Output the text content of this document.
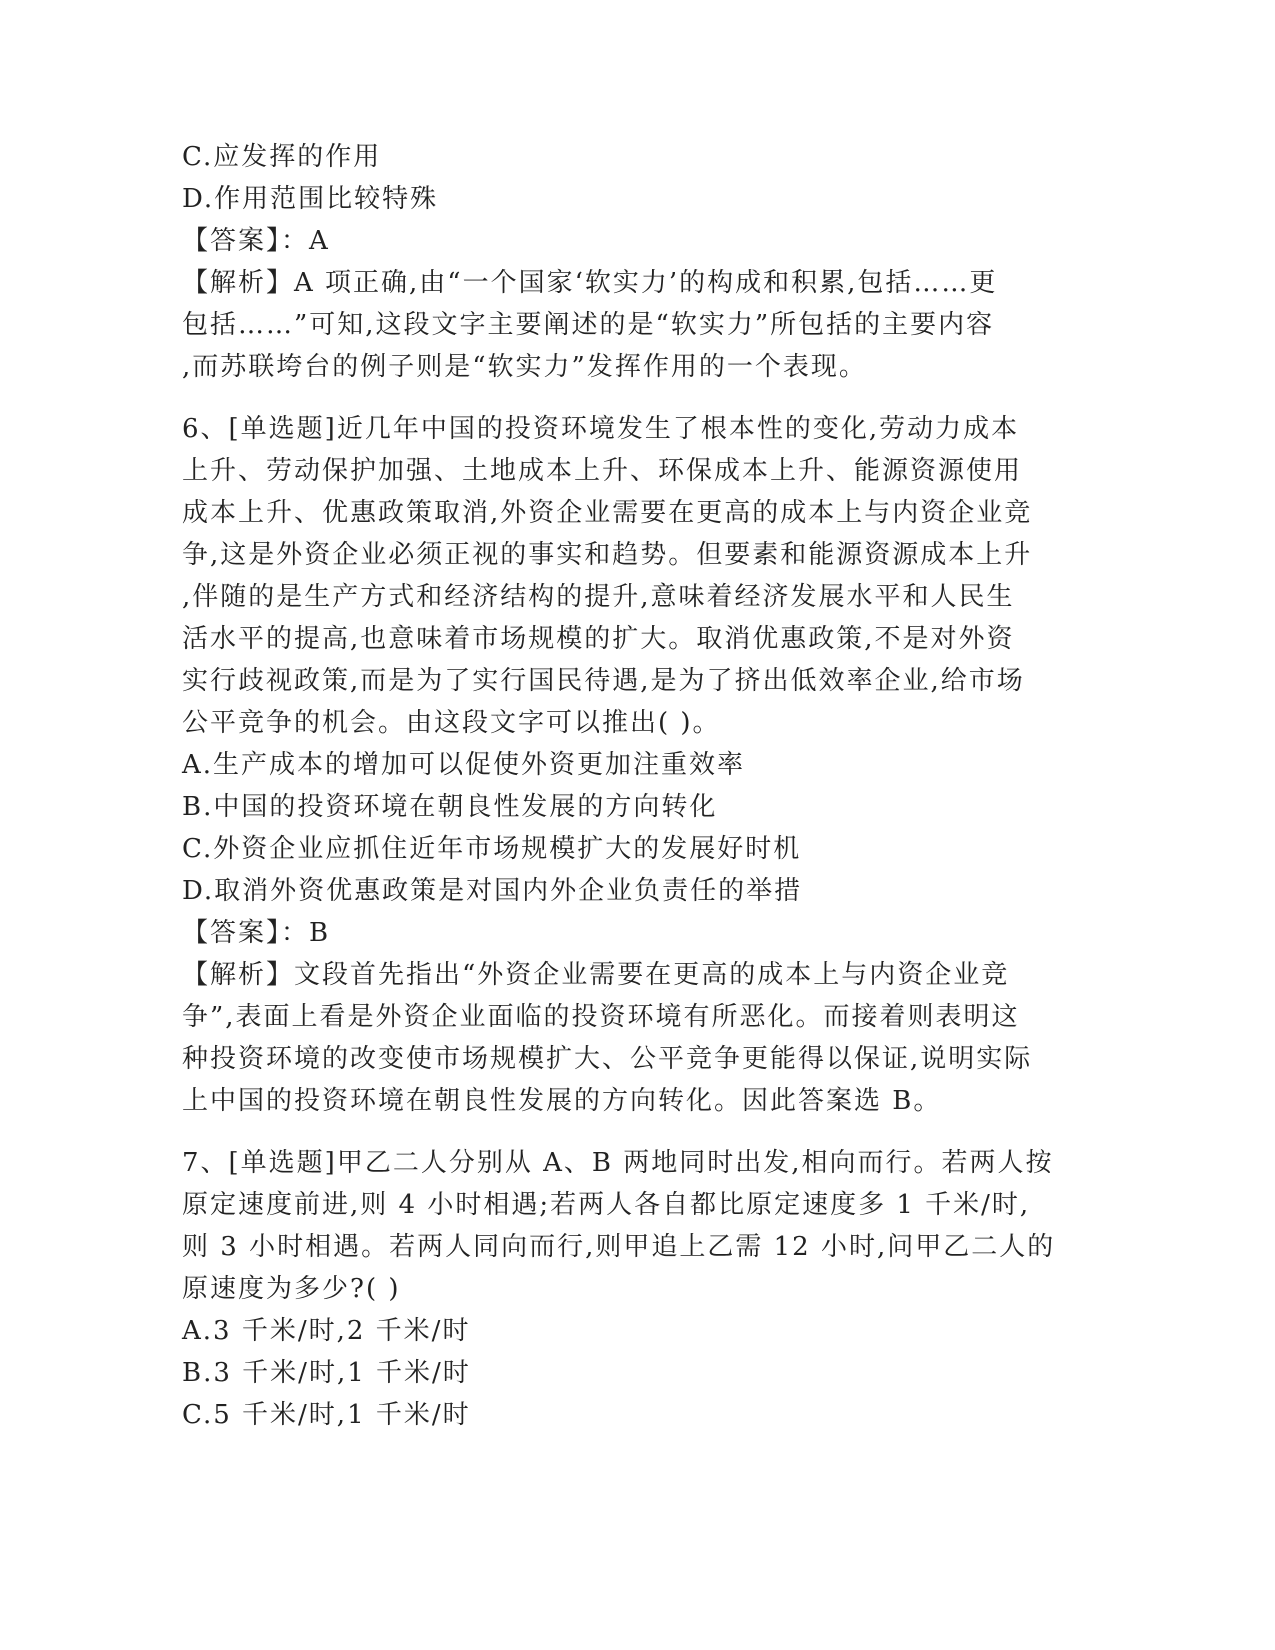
C.应发挥的作用
D.作用范围比较特殊
【答案】：A
【解析】A 项正确,由“一个国家‘软实力’的构成和积累,包括……更
包括……”可知,这段文字主要阐述的是“软实力”所包括的主要内容
,而苏联垮台的例子则是“软实力”发挥作用的一个表现。
6、[单选题]近几年中国的投资环境发生了根本性的变化,劳动力成本
上升、劳动保护加强、土地成本上升、环保成本上升、能源资源使用
成本上升、优惠政策取消,外资企业需要在更高的成本上与内资企业竞
争,这是外资企业必须正视的事实和趋势。但要素和能源资源成本上升
,伴随的是生产方式和经济结构的提升,意味着经济发展水平和人民生
活水平的提高,也意味着市场规模的扩大。取消优惠政策,不是对外资
实行歧视政策,而是为了实行国民待遇,是为了挤出低效率企业,给市场
公平竞争的机会。由这段文字可以推出( )。
A.生产成本的增加可以促使外资更加注重效率
B.中国的投资环境在朝良性发展的方向转化
C.外资企业应抓住近年市场规模扩大的发展好时机
D.取消外资优惠政策是对国内外企业负责任的举措
【答案】：B
【解析】文段首先指出“外资企业需要在更高的成本上与内资企业竞
争”,表面上看是外资企业面临的投资环境有所恶化。而接着则表明这
种投资环境的改变使市场规模扩大、公平竞争更能得以保证,说明实际
上中国的投资环境在朝良性发展的方向转化。因此答案选 B。
7、[单选题]甲乙二人分别从 A、B 两地同时出发,相向而行。若两人按
原定速度前进,则 4 小时相遇;若两人各自都比原定速度多 1 千米/时,
则 3 小时相遇。若两人同向而行,则甲追上乙需 12 小时,问甲乙二人的
原速度为多少?( )
A.3 千米/时,2 千米/时
B.3 千米/时,1 千米/时
C.5 千米/时,1 千米/时
